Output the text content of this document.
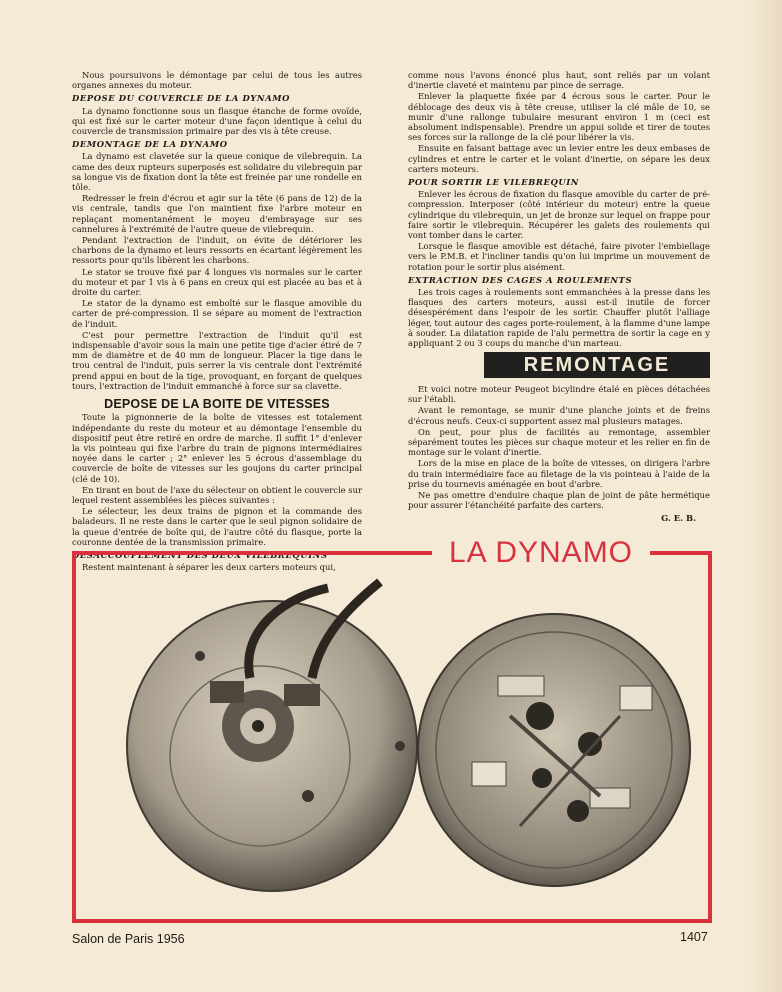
Nous poursuivons le démontage par celui de tous les autres organes annexes du moteur.

DEPOSE DU COUVERCLE DE LA DYNAMO

La dynamo fonctionne sous un flasque étanche de forme ovoïde, qui est fixé sur le carter moteur d'une façon identique à celui du couvercle de transmission primaire par des vis à tête creuse.

DEMONTAGE DE LA DYNAMO

La dynamo est clavetée sur la queue conique de vilebrequin. La came des deux rupteurs superposés est solidaire du vilebrequin par sa longue vis de fixation dont la tête est freinée par une rondelle en tôle.

Redresser le frein d'écrou et agir sur la tête (6 pans de 12) de la vis centrale, tandis que l'on maintient fixe l'arbre moteur en replaçant momentanément le moyeu d'embrayage sur ses cannelures à l'extrémité de l'autre queue de vilebrequin.

Pendant l'extraction de l'induit, on évite de détériorer les charbons de la dynamo et leurs ressorts en écartant légèrement les ressorts pour qu'ils libèrent les charbons.

Le stator se trouve fixé par 4 longues vis normales sur le carter du moteur et par 1 vis à 6 pans en creux qui est placée au bas et à droite du carter.

Le stator de la dynamo est emboîté sur le flasque amovible du carter de pré-compression. Il se sépare au moment de l'extraction de l'induit.

C'est pour permettre l'extraction de l'induit qu'il est indispensable d'avoir sous la main une petite tige d'acier étiré de 7 mm de diamètre et de 40 mm de longueur. Placer la tige dans le trou central de l'induit, puis serrer la vis centrale dont l'extrémité prend appui en bout de la tige, provoquant, en forçant de quelques tours, l'extraction de l'induit emmanché à force sur sa clavette.

DEPOSE DE LA BOITE DE VITESSES

Toute la pignonnerie de la boîte de vitesses est totalement indépendante du reste du moteur et au démontage l'ensemble du dispositif peut être retiré en ordre de marche. Il suffit 1° d'enlever la vis pointeau qui fixe l'arbre du train de pignons intermédiaires noyée dans le carter ; 2° enlever les 5 écrous d'assemblage du couvercle de boîte de vitesses sur les goujons du carter principal (clé de 10).

En tirant en bout de l'axe du sélecteur on obtient le couvercle sur lequel restent assemblées les pièces suivantes :

Le sélecteur, les deux trains de pignon et la commande des baladeurs. Il ne reste dans le carter que le seul pignon solidaire de la queue d'entrée de boîte qui, de l'autre côté du flasque, porte la couronne dentée de la transmission primaire.

Restent maintenant à séparer les deux carters moteurs qui,

comme nous l'avons énoncé plus haut, sont reliés par un volant d'inertie claveté et maintenu par pince de serrage.

Enlever la plaquette fixée par 4 écrous sous le carter. Pour le déblocage des deux vis à tête creuse, utiliser la clé mâle de 10, se munir d'une rallonge tubulaire mesurant environ 1 m (ceci est absolument indispensable). Prendre un appui solide et tirer de toutes ses forces sur la rallonge de la clé pour libérer la vis.

Ensuite en faisant battage avec un levier entre les deux embases de cylindres et entre le carter et le volant d'inertie, on sépare les deux carters moteurs.

POUR SORTIR LE VILEBREQUIN

Enlever les écrous de fixation du flasque amovible du carter de pré-compression. Interposer (côté intérieur du moteur) entre la queue cylindrique du vilebrequin, un jet de bronze sur lequel on frappe pour faire sortir le vilebrequin. Récupérer les galets des roulements qui vont tomber dans le carter.

Lorsque le flasque amovible est détaché, faire pivoter l'embiellage vers le P.M.B. et l'incliner tandis qu'on lui imprime un mouvement de rotation pour le sortir plus aisément.

EXTRACTION DES CAGES A ROULEMENTS

Les trois cages à roulements sont emmanchées à la presse dans les flasques des carters moteurs, aussi est-il inutile de forcer désespérément dans l'espoir de les sortir. Chauffer plutôt l'alliage léger, tout autour des cages porte-roulement, à la flamme d'une lampe à souder. La dilatation rapide de l'alu permettra de sortir la cage en y appliquant 2 ou 3 coups du manche d'un marteau.

REMONTAGE

Et voici notre moteur Peugeot bicylindre étalé en pièces détachées sur l'établi.

Avant le remontage, se munir d'une planche joints et de freins d'écrous neufs. Ceux-ci supportent assez mal plusieurs matages.

On peut, pour plus de facilités au remontage, assembler séparément toutes les pièces sur chaque moteur et les relier en fin de montage sur le volant d'inertie.

Lors de la mise en place de la boîte de vitesses, on dirigera l'arbre du train intermédiaire face au filetage de la vis pointeau à l'aide de la prise du tournevis aménagée en bout d'arbre.

Ne pas omettre d'enduire chaque plan de joint de pâte hermétique pour assurer l'étanchéité parfaite des carters.

G. E. B.
LA DYNAMO
Salon de Paris 1956	1407
